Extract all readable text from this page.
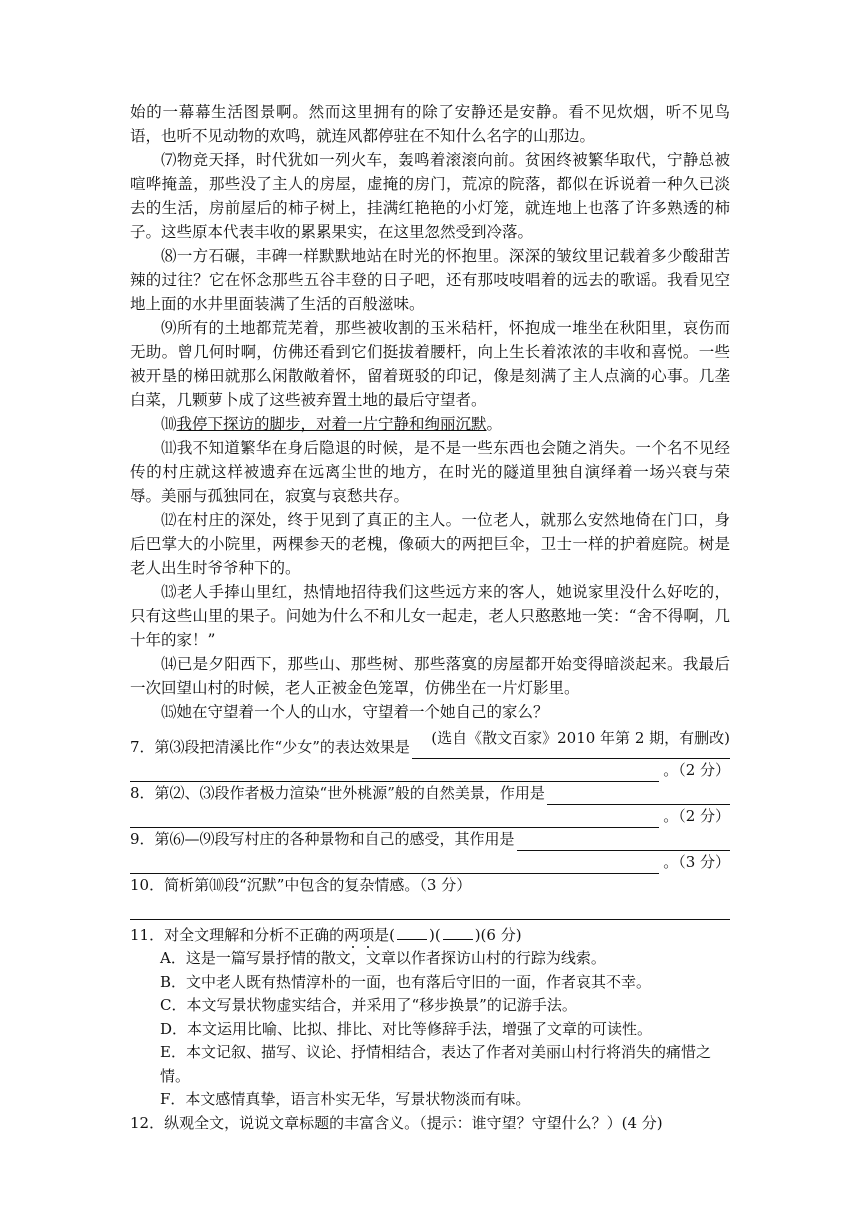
始的一幕幕生活图景啊。然而这里拥有的除了安静还是安静。看不见炊烟，听不见鸟语，也听不见动物的欢鸣，就连风都停驻在不知什么名字的山那边。

⑺物竞天择，时代犹如一列火车，轰鸣着滚滚向前。贫困终被繁华取代，宁静总被喧哗掩盖，那些没了主人的房屋，虚掩的房门，荒凉的院落，都似在诉说着一种久已淡去的生活，房前屋后的柿子树上，挂满红艳艳的小灯笼，就连地上也落了许多熟透的柿子。这些原本代表丰收的累累果实，在这里忽然受到冷落。

⑻一方石碾，丰碑一样默默地站在时光的怀抱里。深深的皱纹里记载着多少酸甜苦辣的过往？它在怀念那些五谷丰登的日子吧，还有那吱吱唱着的远去的歌谣。我看见空地上面的水井里面装满了生活的百般滋味。

⑼所有的土地都荒芜着，那些被收割的玉米秸杆，怀抱成一堆坐在秋阳里，哀伤而无助。曾几何时啊，仿佛还看到它们挺拔着腰杆，向上生长着浓浓的丰收和喜悦。一些被开垦的梯田就那么闲散敞着怀，留着斑驳的印记，像是刻满了主人点滴的心事。几垄白菜，几颗萝卜成了这些被弃置土地的最后守望者。

⑽我停下探访的脚步，对着一片宁静和绚丽沉默。

⑾我不知道繁华在身后隐退的时候，是不是一些东西也会随之消失。一个名不见经传的村庄就这样被遗弃在远离尘世的地方，在时光的隧道里独自演绎着一场兴衰与荣辱。美丽与孤独同在，寂寞与哀愁共存。

⑿在村庄的深处，终于见到了真正的主人。一位老人，就那么安然地倚在门口，身后巴掌大的小院里，两棵参天的老槐，像硕大的两把巨伞，卫士一样的护着庭院。树是老人出生时爷爷种下的。

⒀老人手捧山里红，热情地招待我们这些远方来的客人，她说家里没什么好吃的，只有这些山里的果子。问她为什么不和儿女一起走，老人只憨憨地一笑：“舍不得啊，几十年的家！”

⒁已是夕阳西下，那些山、那些树、那些落寞的房屋都开始变得暗淡起来。我最后一次回望山村的时候，老人正被金色笼罩，仿佛坐在一片灯影里。

⒂她在守望着一个人的山水，守望着一个她自己的家么？

(选自《散文百家》2010 年第 2 期，有删改)
7．第⑶段把清溪比作“少女”的表达效果是
。（2 分）
8．第⑵、⑶段作者极力渲染“世外桃源”般的自然美景，作用是
。（2 分）
9．第⑹—⑼段写村庄的各种景物和自己的感受，其作用是
。（3 分）
10．简析第⑽段“沉默”中包含的复杂情感。（3 分）
11．对全文理解和分析不正确的两项是( )( )(6 分)
A．这是一篇写景抒情的散文，文章以作者探访山村的行踪为线索。
B．文中老人既有热情淳朴的一面，也有落后守旧的一面，作者哀其不幸。
C．本文写景状物虚实结合，并采用了“移步换景”的记游手法。
D．本文运用比喻、比拟、排比、对比等修辞手法，增强了文章的可读性。
E．本文记叙、描写、议论、抒情相结合，表达了作者对美丽山村行将消失的痛惜之情。
F．本文感情真挚，语言朴实无华，写景状物淡而有味。
12．纵观全文，说说文章标题的丰富含义。（提示：谁守望？守望什么？）(4 分)
